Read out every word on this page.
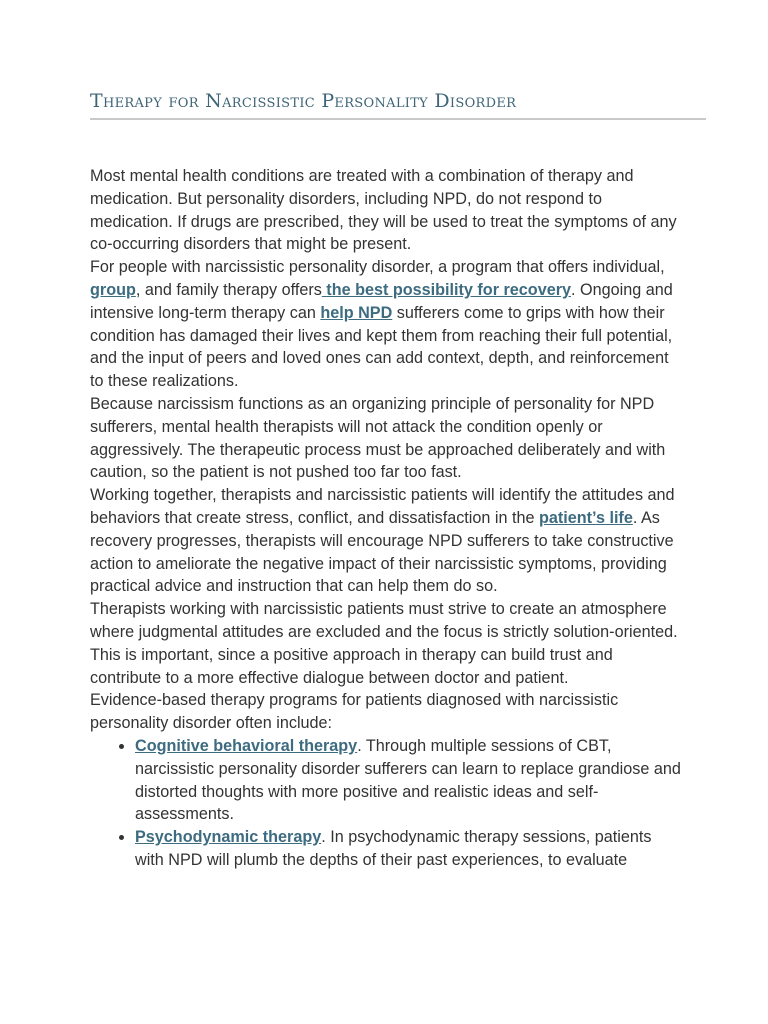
Therapy for Narcissistic Personality Disorder

Most mental health conditions are treated with a combination of therapy and medication. But personality disorders, including NPD, do not respond to medication. If drugs are prescribed, they will be used to treat the symptoms of any co-occurring disorders that might be present.

For people with narcissistic personality disorder, a program that offers individual, group, and family therapy offers the best possibility for recovery. Ongoing and intensive long-term therapy can help NPD sufferers come to grips with how their condition has damaged their lives and kept them from reaching their full potential, and the input of peers and loved ones can add context, depth, and reinforcement to these realizations.

Because narcissism functions as an organizing principle of personality for NPD sufferers, mental health therapists will not attack the condition openly or aggressively. The therapeutic process must be approached deliberately and with caution, so the patient is not pushed too far too fast.

Working together, therapists and narcissistic patients will identify the attitudes and behaviors that create stress, conflict, and dissatisfaction in the patient’s life. As recovery progresses, therapists will encourage NPD sufferers to take constructive action to ameliorate the negative impact of their narcissistic symptoms, providing practical advice and instruction that can help them do so.

Therapists working with narcissistic patients must strive to create an atmosphere where judgmental attitudes are excluded and the focus is strictly solution-oriented. This is important, since a positive approach in therapy can build trust and contribute to a more effective dialogue between doctor and patient.

Evidence-based therapy programs for patients diagnosed with narcissistic personality disorder often include:

• Cognitive behavioral therapy. Through multiple sessions of CBT, narcissistic personality disorder sufferers can learn to replace grandiose and distorted thoughts with more positive and realistic ideas and self-assessments.
• Psychodynamic therapy. In psychodynamic therapy sessions, patients with NPD will plumb the depths of their past experiences, to evaluate
